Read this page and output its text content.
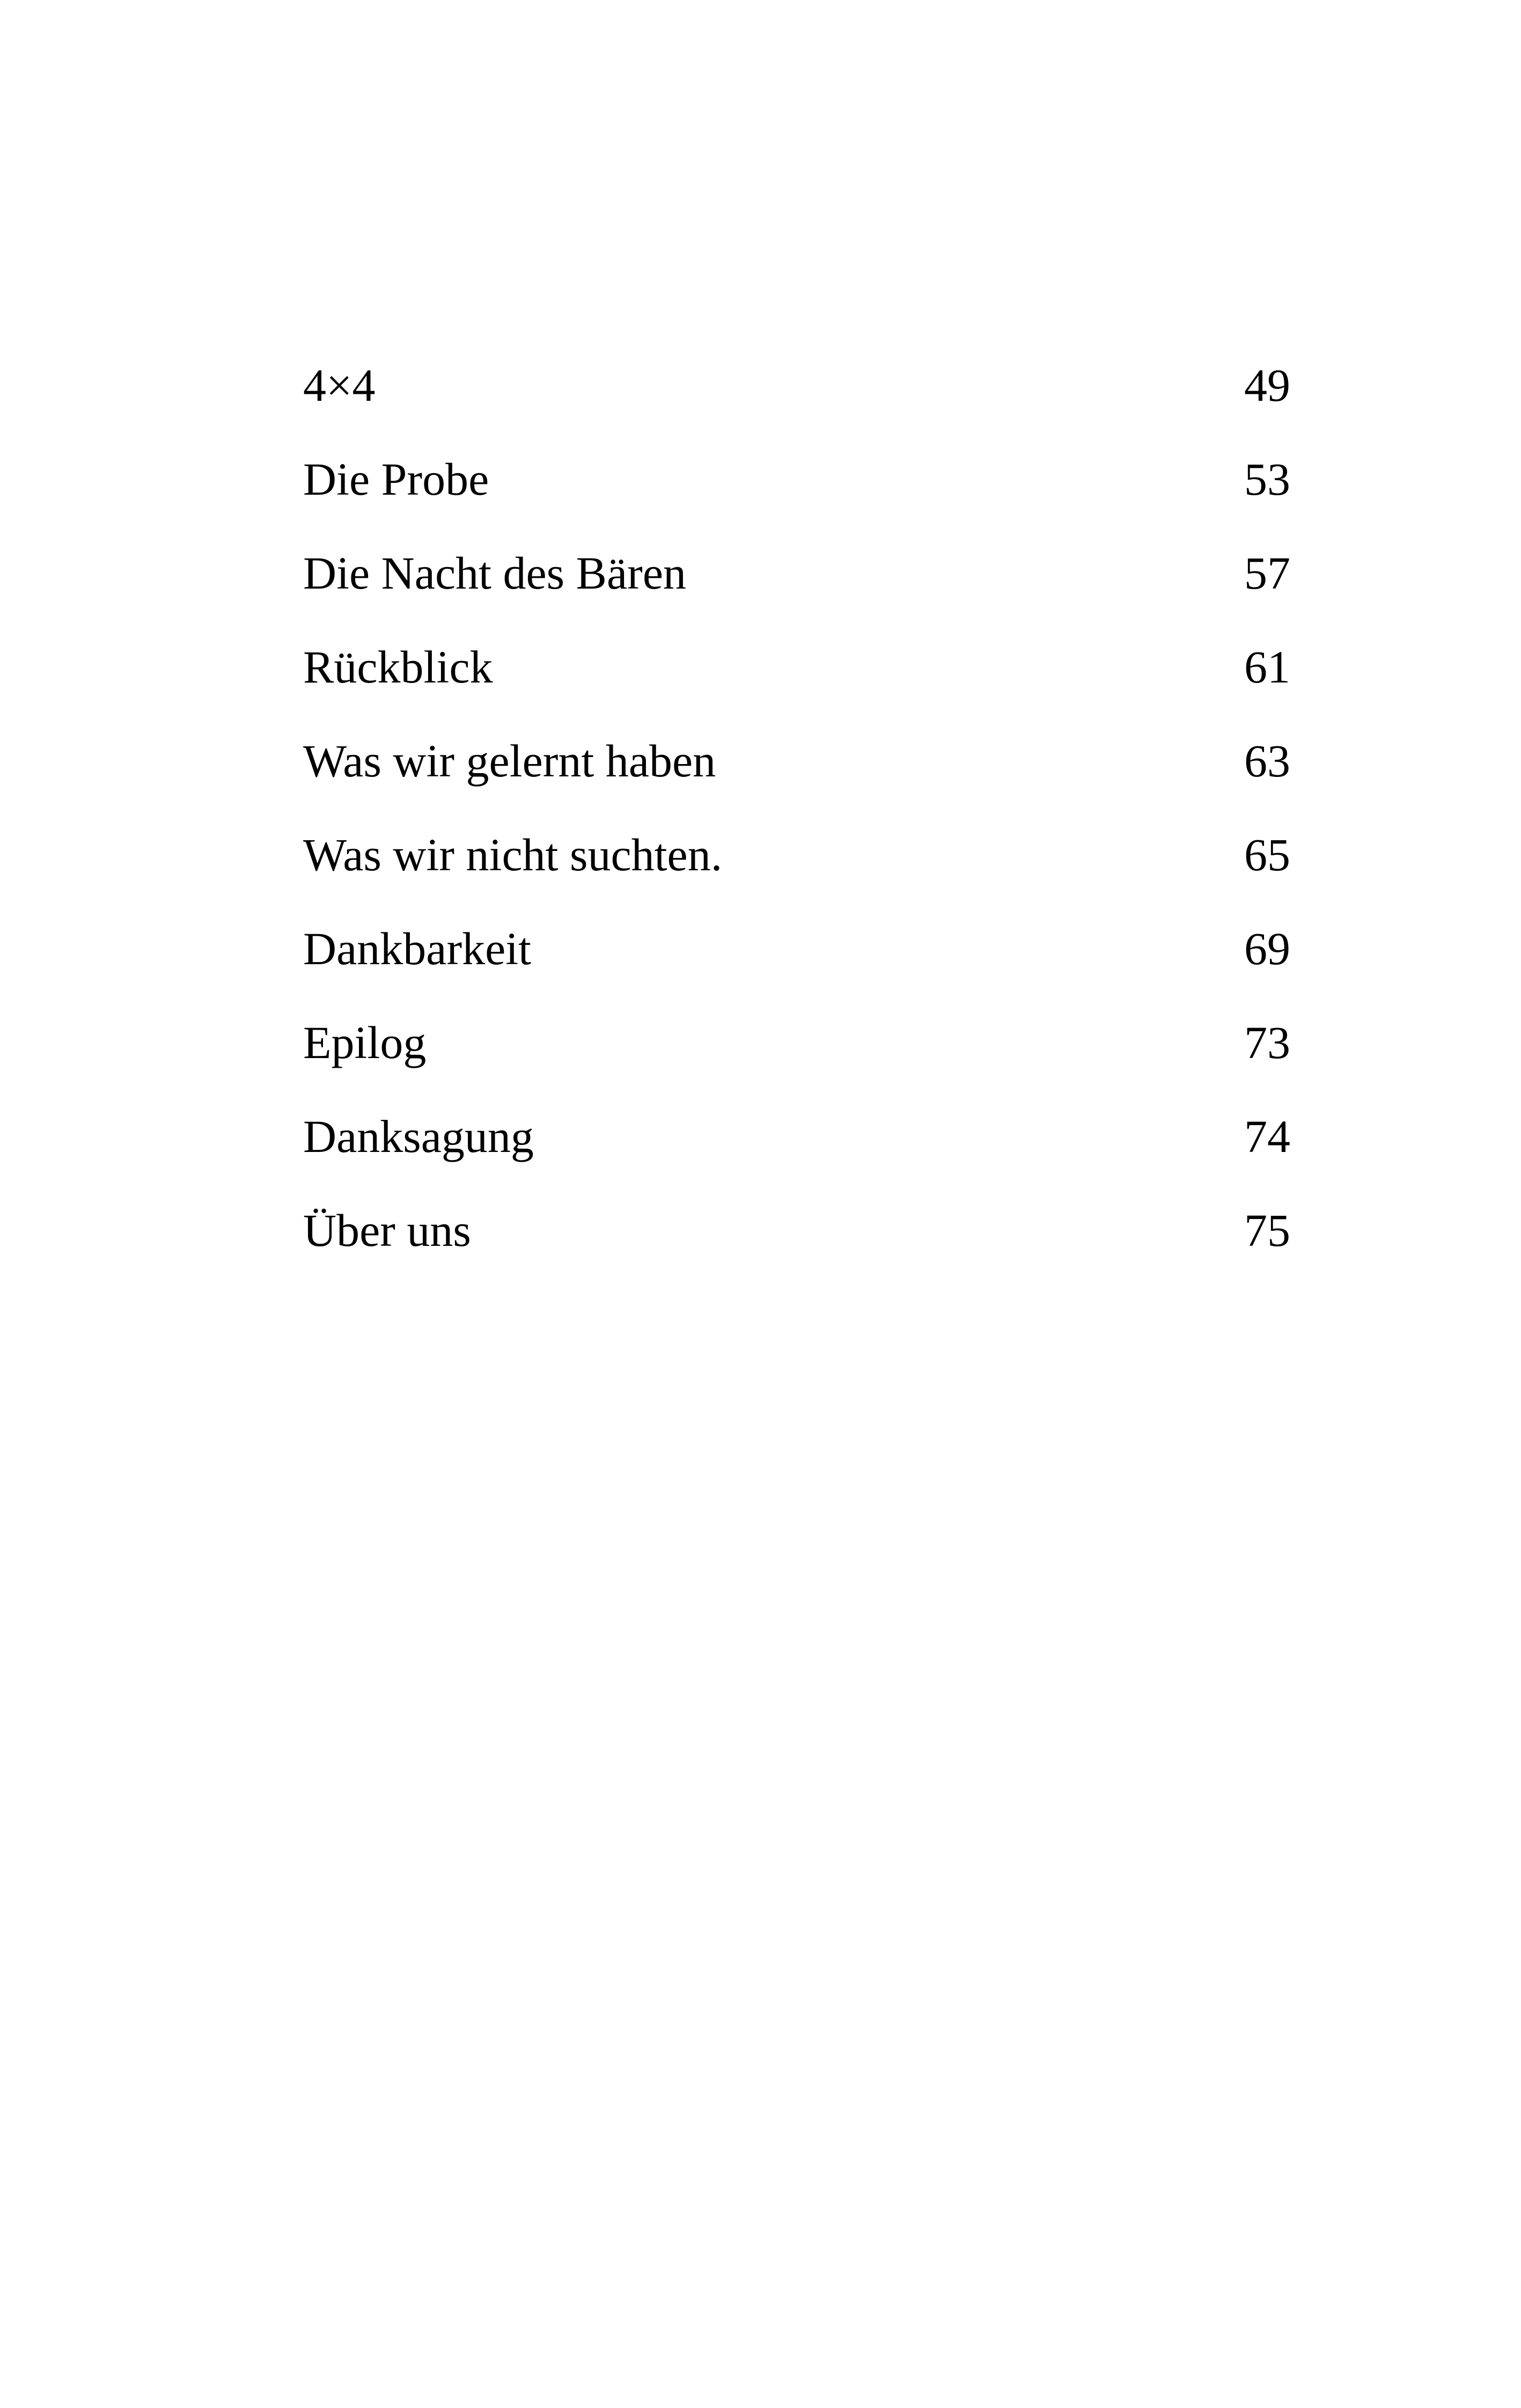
4×4	49
Die Probe	53
Die Nacht des Bären	57
Rückblick	61
Was wir gelernt haben	63
Was wir nicht suchten.	65
Dankbarkeit	69
Epilog	73
Danksagung	74
Über uns	75
